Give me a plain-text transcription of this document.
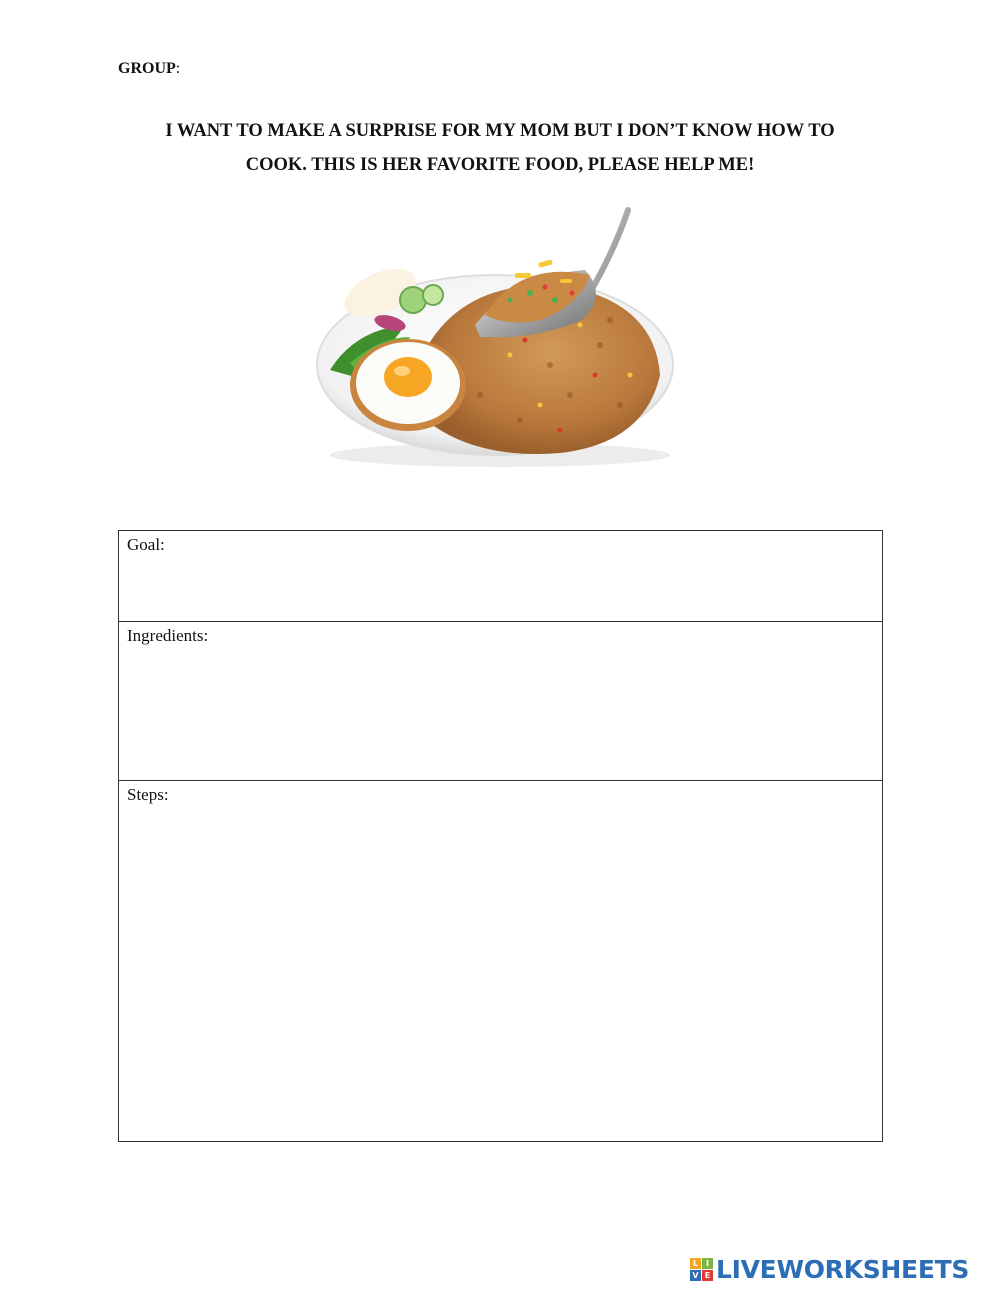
GROUP:
I WANT TO MAKE A SURPRISE FOR MY MOM BUT I DON’T KNOW HOW TO
COOK. THIS IS HER FAVORITE FOOD, PLEASE HELP ME!
Goal:
Ingredients:
Steps:
L I
V E LIVEWORKSHEETS
